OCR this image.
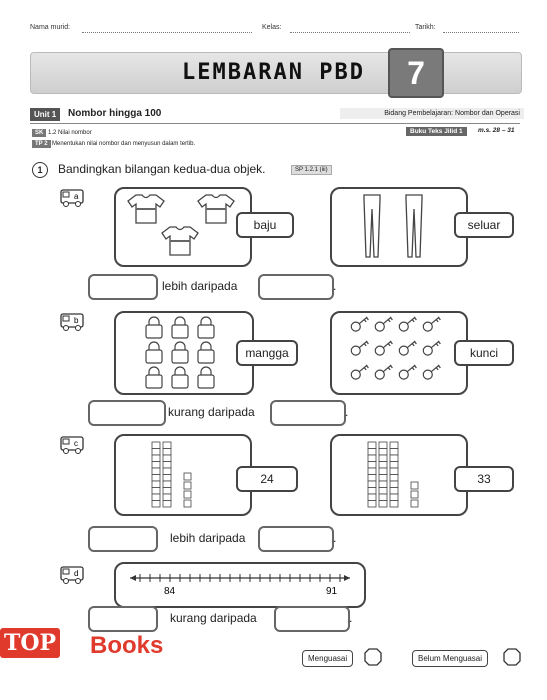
Nama murid:	Kelas:	Tarikh:
LEMBARAN PBD	7
Unit 1	Nombor hingga 100	Bidang Pembelajaran: Nombor dan Operasi
SK 1.2 Nilai nombor
TP 2 Menentukan nilai nombor dan menyusun dalam tertib.
Buku Teks Jilid 1	m.s. 28 – 31
1	Bandingkan bilangan kedua-dua objek.	SP 1.2.1 (iii)
a
b
c
d
baju	seluar
lebih daripada	.
mangga	kunci
kurang daripada	.
24	33
lebih daripada	.
84	91
kurang daripada	.
Menguasai	Belum Menguasai
TOP Books
